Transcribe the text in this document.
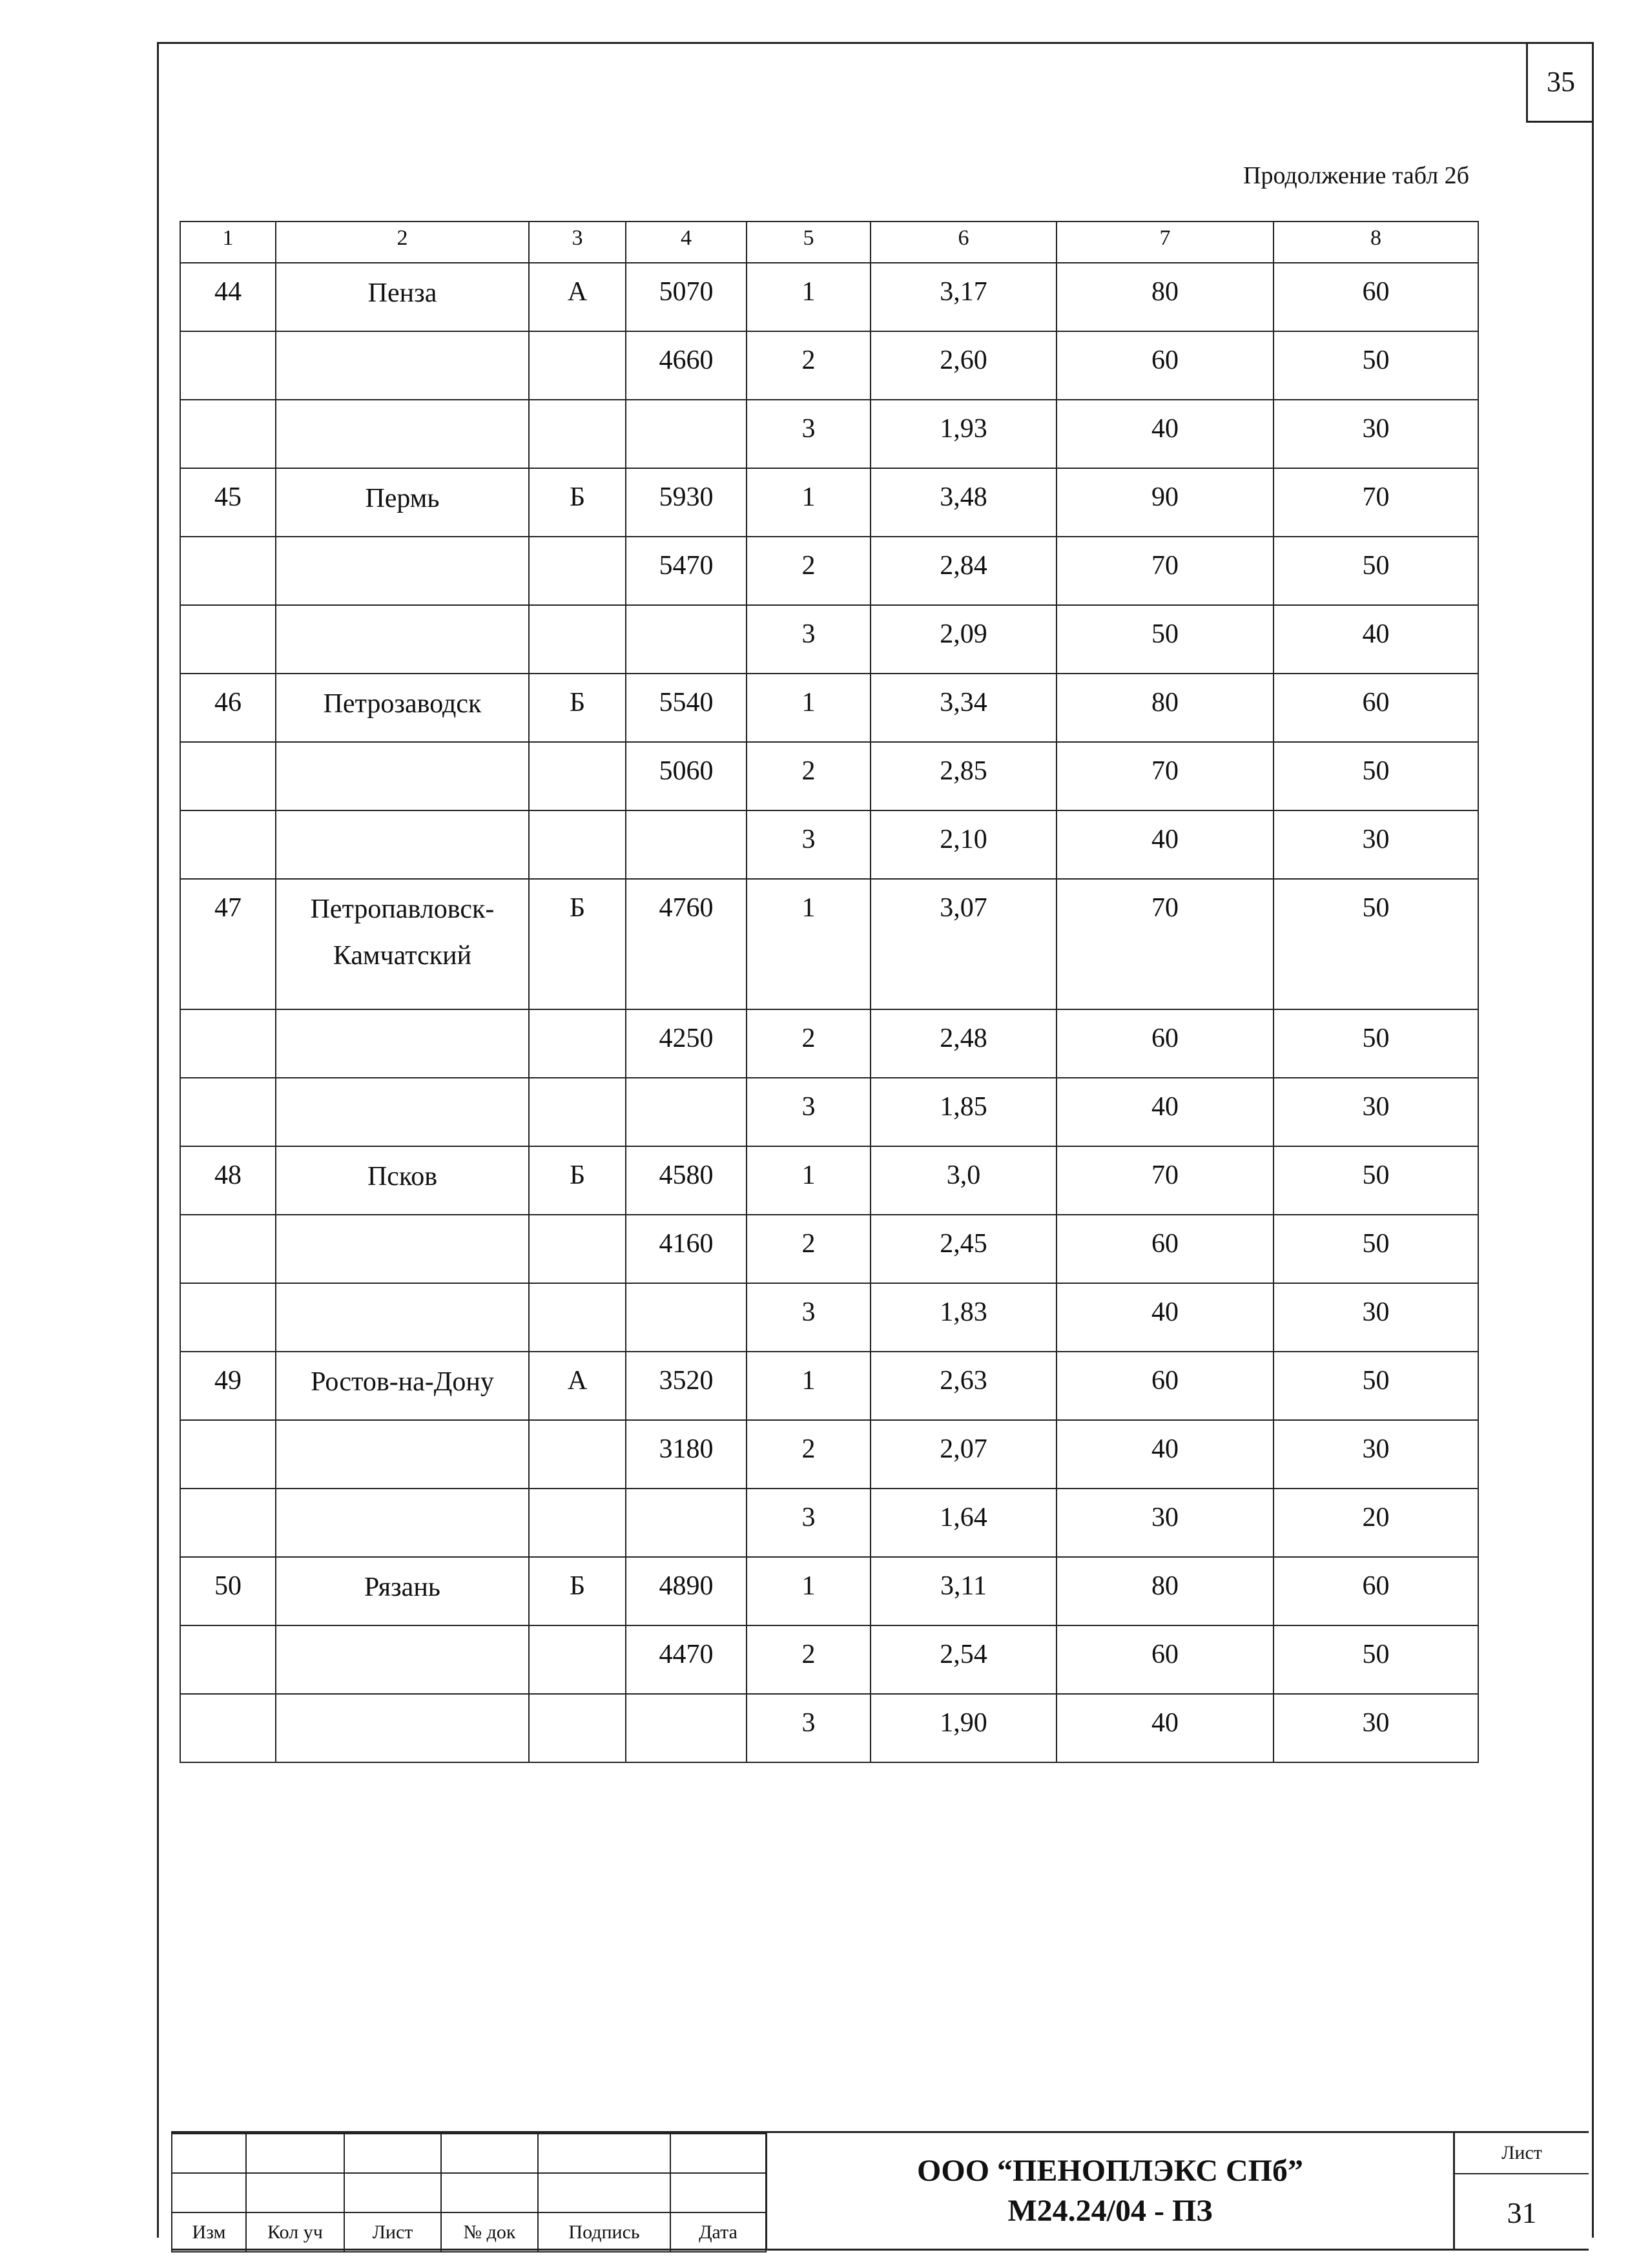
35
Продолжение табл 2б
1	2	3	4	5	6	7	8
44	Пенза	А	5070	1	3,17	80	60
			4660	2	2,60	60	50
				3	1,93	40	30
45	Пермь	Б	5930	1	3,48	90	70
			5470	2	2,84	70	50
				3	2,09	50	40
46	Петрозаводск	Б	5540	1	3,34	80	60
			5060	2	2,85	70	50
				3	2,10	40	30
47	Петропавловск-Камчатский	Б	4760	1	3,07	70	50
			4250	2	2,48	60	50
				3	1,85	40	30
48	Псков	Б	4580	1	3,0	70	50
			4160	2	2,45	60	50
				3	1,83	40	30
49	Ростов-на-Дону	А	3520	1	2,63	60	50
			3180	2	2,07	40	30
				3	1,64	30	20
50	Рязань	Б	4890	1	3,11	80	60
			4470	2	2,54	60	50
				3	1,90	40	30

Изм	Кол уч	Лист	№ док	Подпись	Дата
ООО “ПЕНОПЛЭКС СПб”
М24.24/04 - ПЗ
Лист
31
